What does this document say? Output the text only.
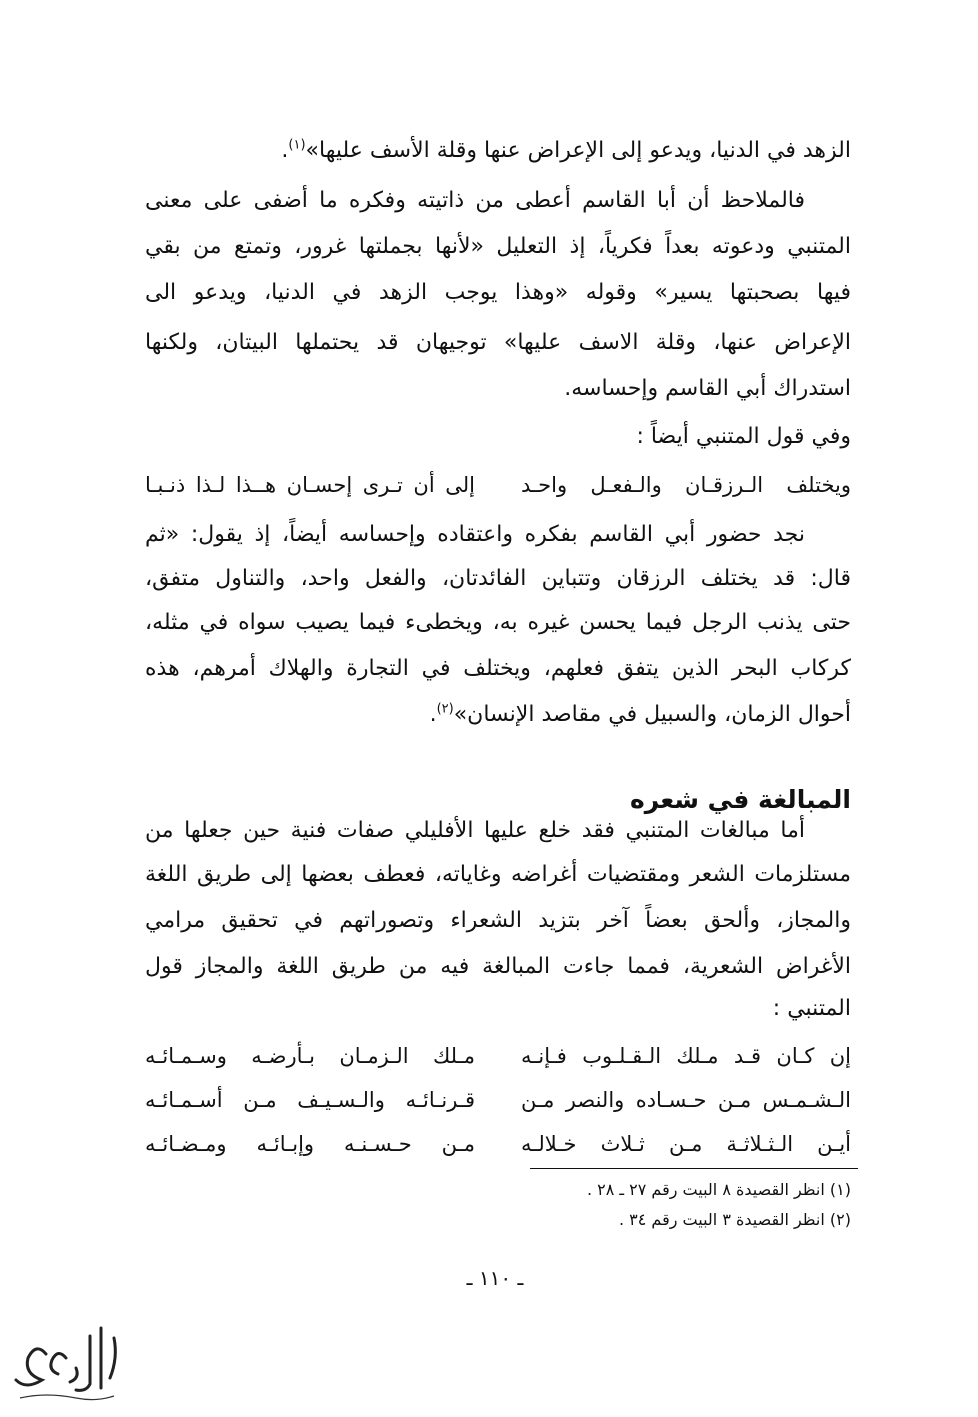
الزهد في الدنيا، ويدعو إلى الإعراض عنها وقلة الأسف عليها»$^{(١)}$.
فالملاحظ أن أبا القاسم أعطى من ذاتيته وفكره ما أضفى على معنى
المتنبي ودعوته بعداً فكرياً، إذ التعليل «لأنها بجملتها غرور، وتمتع من بقي
فيها بصحبتها يسير» وقوله «وهذا يوجب الزهد في الدنيا، ويدعو الى
الإعراض عنها، وقلة الاسف عليها» توجيهان قد يحتملها البيتان، ولكنها
استدراك أبي القاسم وإحساسه.
وفي قول المتنبي أيضاً :
ويختلف الـرزقـان والـفعـل واحـد
إلى أن تـرى إحسـان هــذا لـذا ذنـبـا
نجد حضور أبي القاسم بفكره واعتقاده وإحساسه أيضاً، إذ يقول: «ثم
قال: قد يختلف الرزقان وتتباين الفائدتان، والفعل واحد، والتناول متفق،
حتى يذنب الرجل فيما يحسن غيره به، ويخطىء فيما يصيب سواه في مثله،
كركاب البحر الذين يتفق فعلهم، ويختلف في التجارة والهلاك أمرهم، هذه
أحوال الزمان، والسبيل في مقاصد الإنسان»$^{(٢)}$.
المبالغة في شعره
أما مبالغات المتنبي فقد خلع عليها الأفليلي صفات فنية حين جعلها من
مستلزمات الشعر ومقتضيات أغراضه وغاياته، فعطف بعضها إلى طريق اللغة
والمجاز، وألحق بعضاً آخر بتزيد الشعراء وتصوراتهم في تحقيق مرامي
الأغراض الشعرية، فمما جاءت المبالغة فيه من طريق اللغة والمجاز قول
المتنبي :
إن كـان قـد مـلك الـقـلـوب فـإنـه
مـلك الـزمـان بـأرضـه وسـمـائـه
الـشـمـس مـن حـسـاده والنصر مـن
قـرنـائـه والـسـيـف مـن أسـمـائـه
أيـن الـثـلاثـة مـن ثـلاث خـلالـه
مـن حـسـنـه وإبـائـه ومـضـائـه
(١) انظر القصيدة ٨ البيت رقم ٢٧ ـ ٢٨ .
(٢) انظر القصيدة ٣ البيت رقم ٣٤ .
ـ ١١٠ ـ
